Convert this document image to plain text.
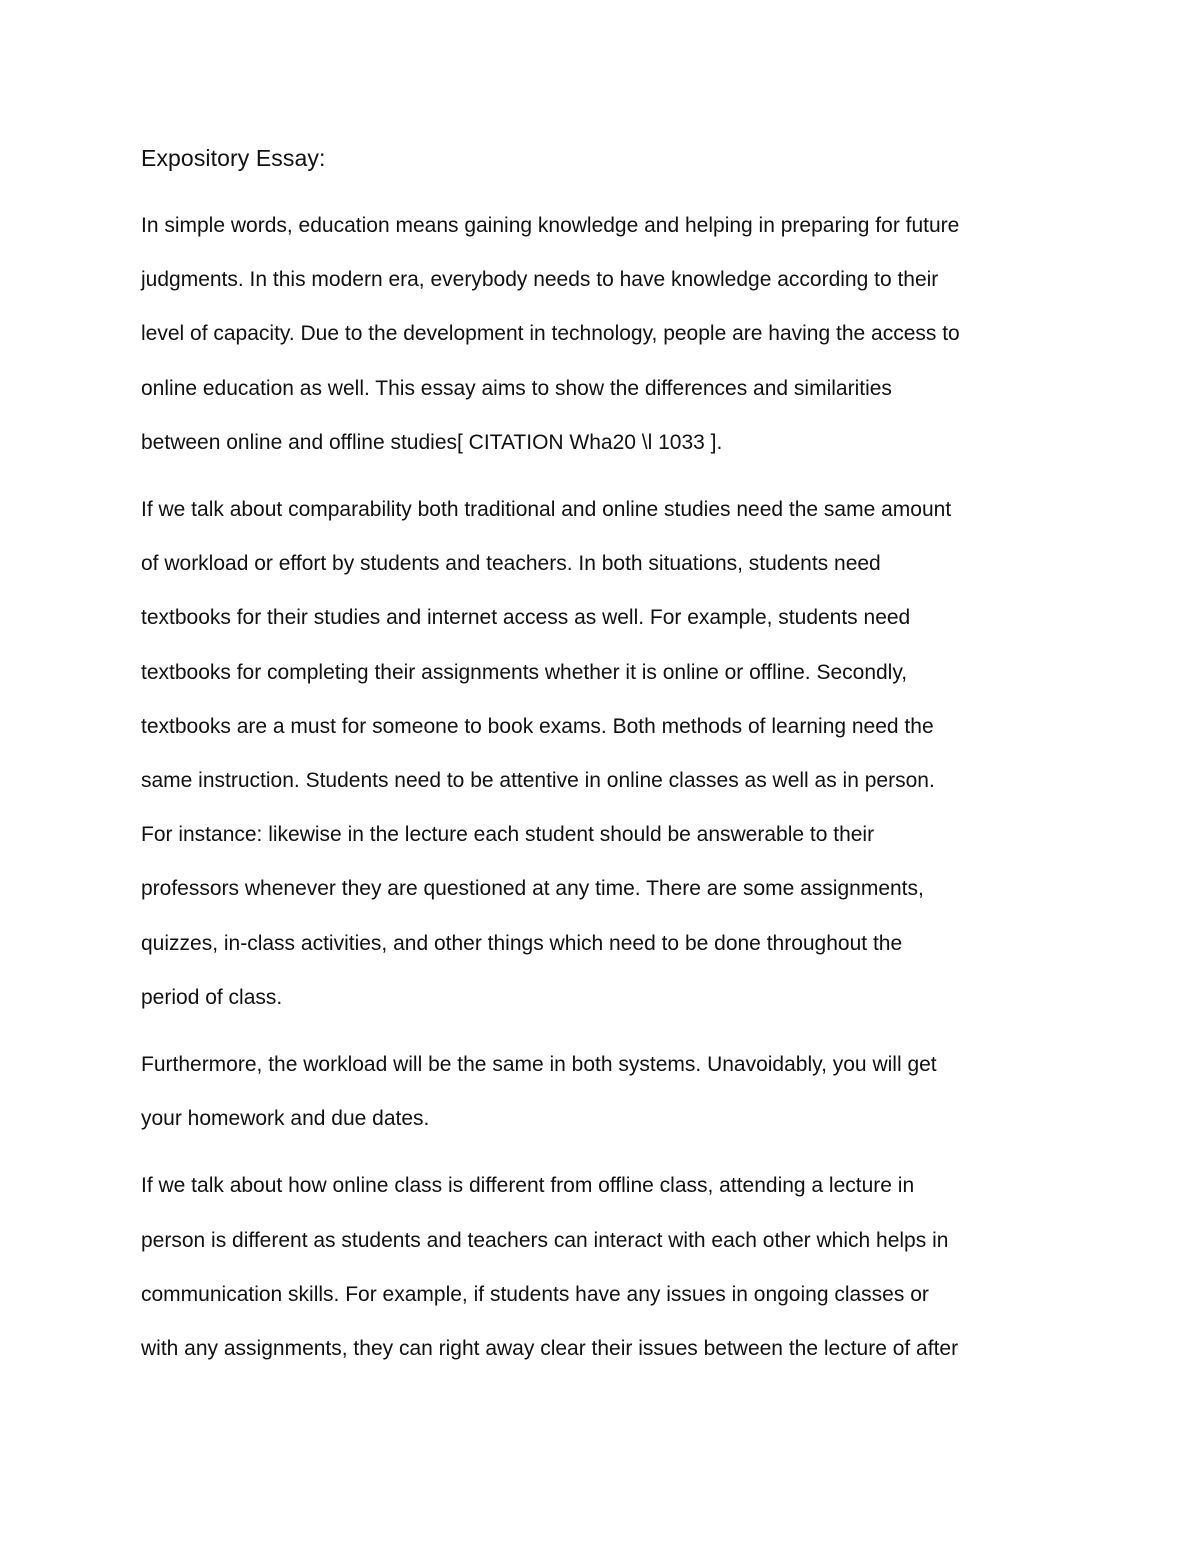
Expository Essay:

In simple words, education means gaining knowledge and helping in preparing for future
judgments. In this modern era, everybody needs to have knowledge according to their
level of capacity. Due to the development in technology, people are having the access to
online education as well. This essay aims to show the differences and similarities
between online and offline studies[ CITATION Wha20 \l 1033 ].

If we talk about comparability both traditional and online studies need the same amount
of workload or effort by students and teachers. In both situations, students need
textbooks for their studies and internet access as well. For example, students need
textbooks for completing their assignments whether it is online or offline. Secondly,
textbooks are a must for someone to book exams. Both methods of learning need the
same instruction. Students need to be attentive in online classes as well as in person.
For instance: likewise in the lecture each student should be answerable to their
professors whenever they are questioned at any time. There are some assignments,
quizzes, in-class activities, and other things which need to be done throughout the
period of class.

Furthermore, the workload will be the same in both systems. Unavoidably, you will get
your homework and due dates.

If we talk about how online class is different from offline class, attending a lecture in
person is different as students and teachers can interact with each other which helps in
communication skills. For example, if students have any issues in ongoing classes or
with any assignments, they can right away clear their issues between the lecture of after
